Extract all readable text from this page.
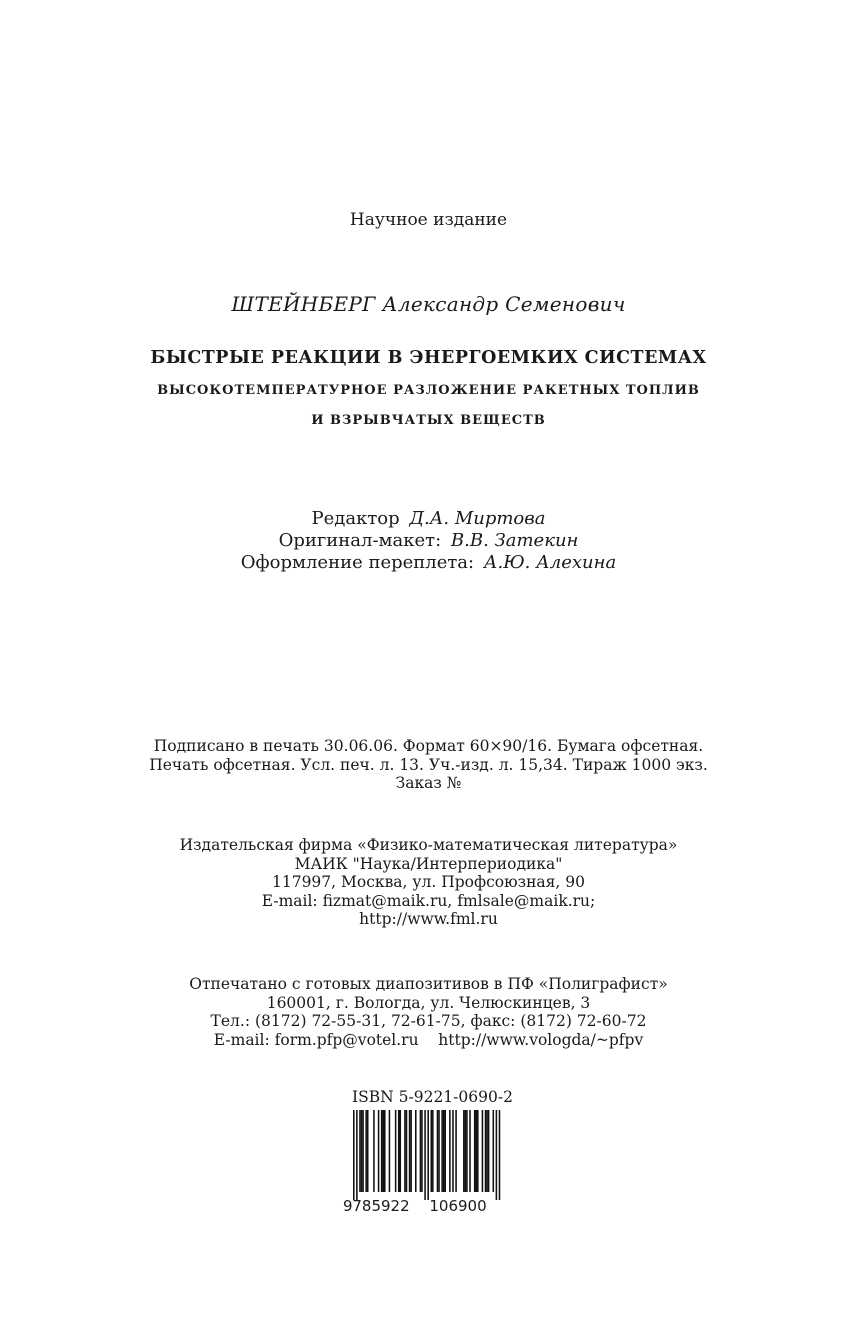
Научное издание
ШТЕЙНБЕРГ Александр Семенович
БЫСТРЫЕ РЕАКЦИИ В ЭНЕРГОЕМКИХ СИСТЕМАХ
ВЫСОКОТЕМПЕРАТУРНОЕ РАЗЛОЖЕНИЕ РАКЕТНЫХ ТОПЛИВ
И ВЗРЫВЧАТЫХ ВЕЩЕСТВ
Редактор Д.А. Миртова
Оригинал-макет: В.В. Затекин
Оформление переплета: А.Ю. Алехина
Подписано в печать 30.06.06. Формат 60×90/16. Бумага офсетная.
Печать офсетная. Усл. печ. л. 13. Уч.-изд. л. 15,34. Тираж 1000 экз.
Заказ №
Издательская фирма «Физико-математическая литература»
МАИК "Наука/Интерпериодика"
117997, Москва, ул. Профсоюзная, 90
E-mail: fizmat@maik.ru, fmlsale@maik.ru;
http://www.fml.ru
Отпечатано с готовых диапозитивов в ПФ «Полиграфист»
160001, г. Вологда, ул. Челюскинцев, 3
Тел.: (8172) 72-55-31, 72-61-75, факс: (8172) 72-60-72
E-mail: form.pfp@votel.ru    http://www.vologda/~pfpv
ISBN 5-9221-0690-2
9 785922 106900
